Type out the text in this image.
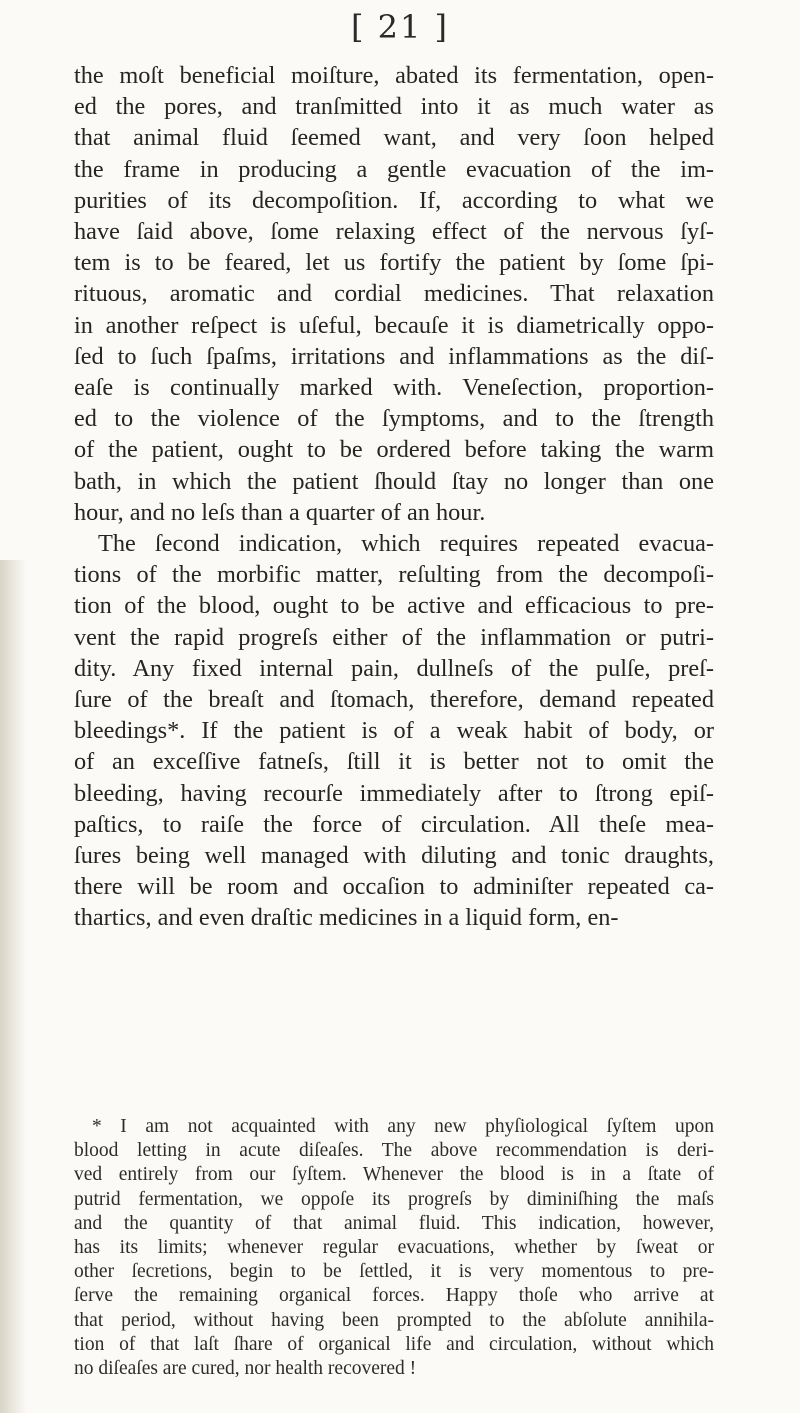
[ 21 ]
the moſt beneficial moiſture, abated its fermentation, open-
ed the pores, and tranſmitted into it as much water as
that animal fluid ſeemed want, and very ſoon helped
the frame in producing a gentle evacuation of the im-
purities of its decompoſition. If, according to what we
have ſaid above, ſome relaxing effect of the nervous ſyſ-
tem is to be feared, let us fortify the patient by ſome ſpi-
rituous, aromatic and cordial medicines. That relaxation
in another reſpect is uſeful, becauſe it is diametrically oppo-
ſed to ſuch ſpaſms, irritations and inflammations as the diſ-
eaſe is continually marked with. Veneſection, proportion-
ed to the violence of the ſymptoms, and to the ſtrength
of the patient, ought to be ordered before taking the warm
bath, in which the patient ſhould ſtay no longer than one
hour, and no leſs than a quarter of an hour.
The ſecond indication, which requires repeated evacua-
tions of the morbific matter, reſulting from the decompoſi-
tion of the blood, ought to be active and efficacious to pre-
vent the rapid progreſs either of the inflammation or putri-
dity. Any fixed internal pain, dullneſs of the pulſe, preſ-
ſure of the breaſt and ſtomach, therefore, demand repeated
bleedings*. If the patient is of a weak habit of body, or
of an exceſſive fatneſs, ſtill it is better not to omit the
bleeding, having recourſe immediately after to ſtrong epiſ-
paſtics, to raiſe the force of circulation. All theſe mea-
ſures being well managed with diluting and tonic draughts,
there will be room and occaſion to adminiſter repeated ca-
thartics, and even draſtic medicines in a liquid form, en-
* I am not acquainted with any new phyſiological ſyſtem upon
blood letting in acute diſeaſes. The above recommendation is deri-
ved entirely from our ſyſtem. Whenever the blood is in a ſtate of
putrid fermentation, we oppoſe its progreſs by diminiſhing the maſs
and the quantity of that animal fluid. This indication, however,
has its limits; whenever regular evacuations, whether by ſweat or
other ſecretions, begin to be ſettled, it is very momentous to pre-
ſerve the remaining organical forces. Happy thoſe who arrive at
that period, without having been prompted to the abſolute annihila-
tion of that laſt ſhare of organical life and circulation, without which
no diſeaſes are cured, nor health recovered !
